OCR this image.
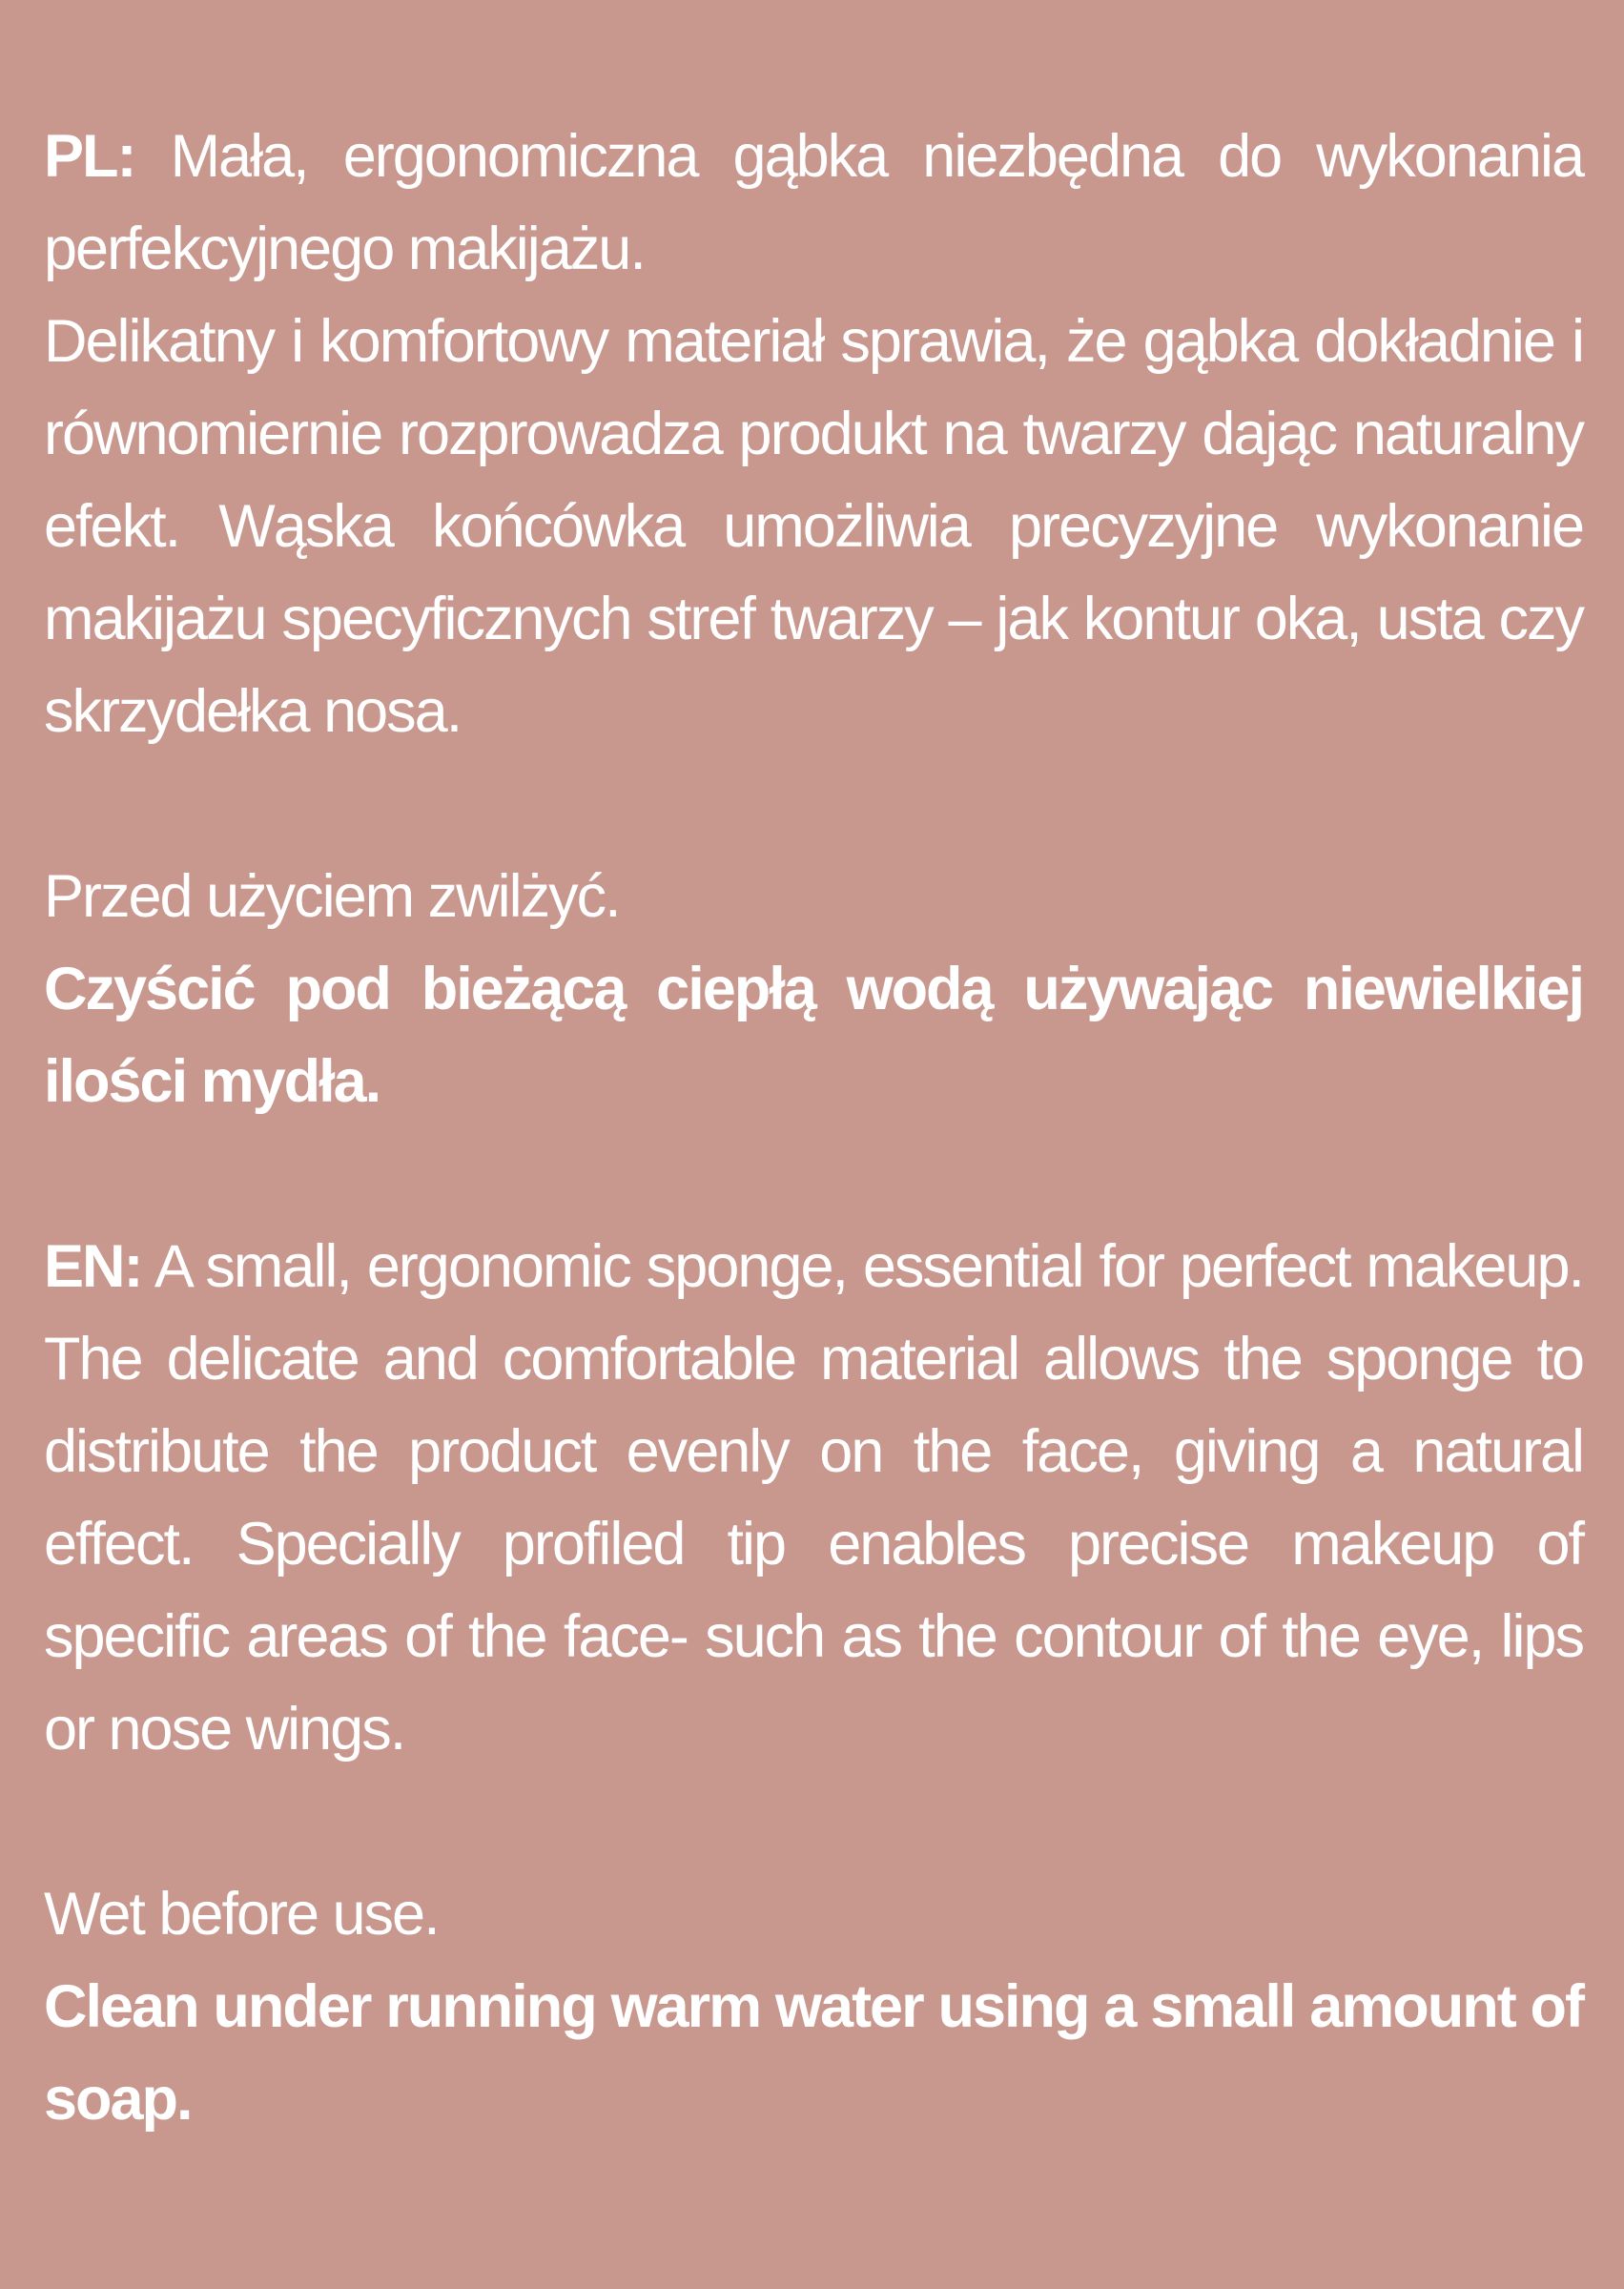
PL: Mała, ergonomiczna gąbka niezbędna do wykonania perfekcyjnego makijażu.

Delikatny i komfortowy materiał sprawia, że gąbka dokładnie i równomiernie rozprowadza produkt na twarzy dając naturalny efekt. Wąska końcówka umożliwia precyzyjne wykonanie makijażu specyficznych stref twarzy – jak kontur oka, usta czy skrzydełka nosa.

Przed użyciem zwilżyć.

Czyścić pod bieżącą ciepłą wodą używając niewielkiej ilości mydła.

EN: A small, ergonomic sponge, essential for perfect makeup. The delicate and comfortable material allows the sponge to distribute the product evenly on the face, giving a natural effect. Specially profiled tip enables precise makeup of specific areas of the face- such as the contour of the eye, lips or nose wings.

Wet before use.

Clean under running warm water using a small amount of soap.
